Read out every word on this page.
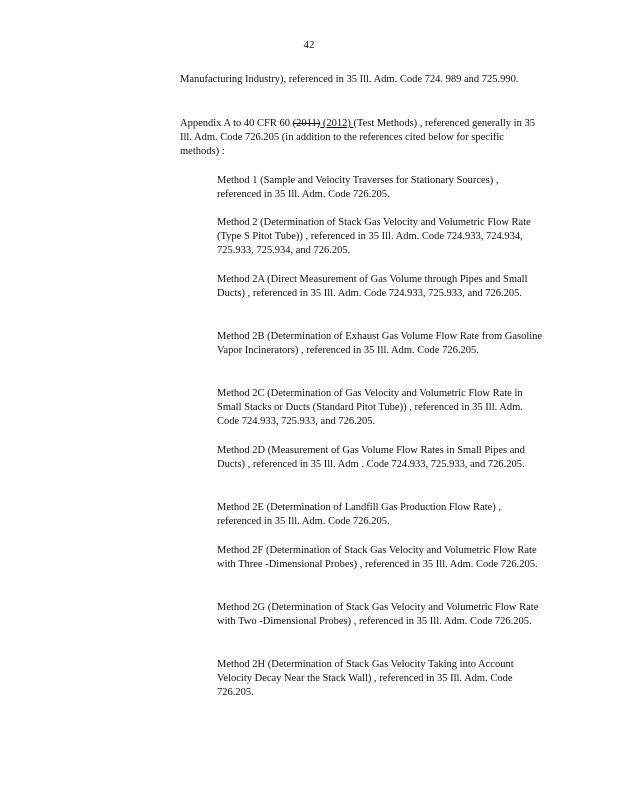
42

Manufacturing Industry), referenced in 35 Ill. Adm. Code 724. 989 and 725.990.

Appendix A to 40 CFR 60 (2011) (2012) (Test Methods) , referenced generally in 35 Ill. Adm. Code 726.205 (in addition to the references cited below for specific methods) :

Method 1 (Sample and Velocity Traverses for Stationary Sources) , referenced in 35 Ill. Adm. Code 726.205.

Method 2 (Determination of Stack Gas Velocity and Volumetric Flow Rate (Type S Pitot Tube)) , referenced in 35 Ill. Adm. Code 724.933, 724.934, 725.933, 725.934, and 726.205.

Method 2A (Direct Measurement of Gas Volume through Pipes and Small Ducts) , referenced in 35 Ill. Adm. Code 724.933, 725.933, and 726.205.

Method 2B (Determination of Exhaust Gas Volume Flow Rate from Gasoline Vapor Incinerators) , referenced in 35 Ill. Adm. Code 726.205.

Method 2C (Determination of Gas Velocity and Volumetric Flow Rate in Small Stacks or Ducts (Standard Pitot Tube)) , referenced in 35 Ill. Adm. Code 724.933, 725.933, and 726.205.

Method 2D (Measurement of Gas Volume Flow Rates in Small Pipes and Ducts) , referenced in 35 Ill. Adm . Code 724.933, 725.933, and 726.205.

Method 2E (Determination of Landfill Gas Production Flow Rate) , referenced in 35 Ill. Adm. Code 726.205.

Method 2F (Determination of Stack Gas Velocity and Volumetric Flow Rate with Three -Dimensional Probes) , referenced in 35 Ill. Adm. Code 726.205.

Method 2G (Determination of Stack Gas Velocity and Volumetric Flow Rate with Two -Dimensional Probes) , referenced in 35 Ill. Adm. Code 726.205.

Method 2H (Determination of Stack Gas Velocity Taking into Account Velocity Decay Near the Stack Wall) , referenced in 35 Ill. Adm. Code 726.205.
